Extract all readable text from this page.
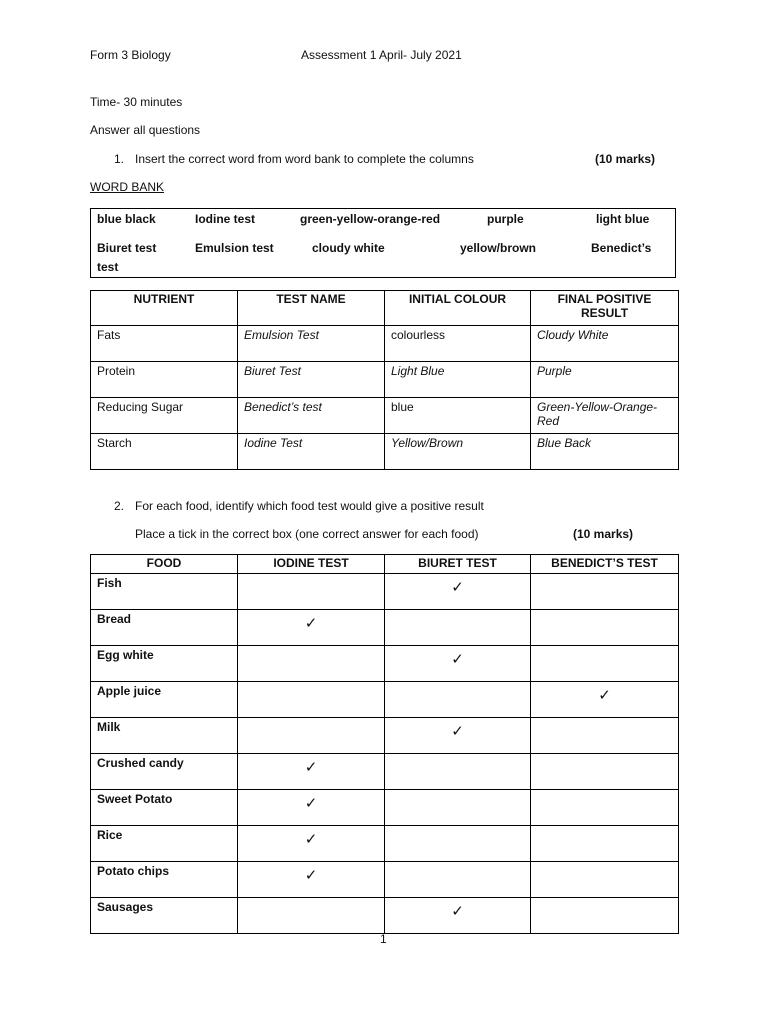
Form 3 Biology	Assessment 1 April- July 2021
Time- 30 minutes
Answer all questions
1. Insert the correct word from word bank to complete the columns	(10 marks)
WORD BANK
blue black	Iodine test	green-yellow-orange-red	purple	light blue
Biuret test	Emulsion test	cloudy white	yellow/brown	Benedict’s
test
NUTRIENT	TEST NAME	INITIAL COLOUR	FINAL POSITIVE RESULT
Fats	Emulsion Test	colourless	Cloudy White
Protein	Biuret Test	Light Blue	Purple
Reducing Sugar	Benedict’s test	blue	Green-Yellow-Orange-Red
Starch	Iodine Test	Yellow/Brown	Blue Back
2. For each food, identify which food test would give a positive result
Place a tick in the correct box (one correct answer for each food)	(10 marks)
FOOD	IODINE TEST	BIURET TEST	BENEDICT’S TEST
Fish		✓	

Bread	✓		

Egg white		✓	

Apple juice			✓

Milk		✓	

Crushed candy	✓		

Sweet Potato	✓		

Rice	✓		

Potato chips	✓		

Sausages		✓	

1
